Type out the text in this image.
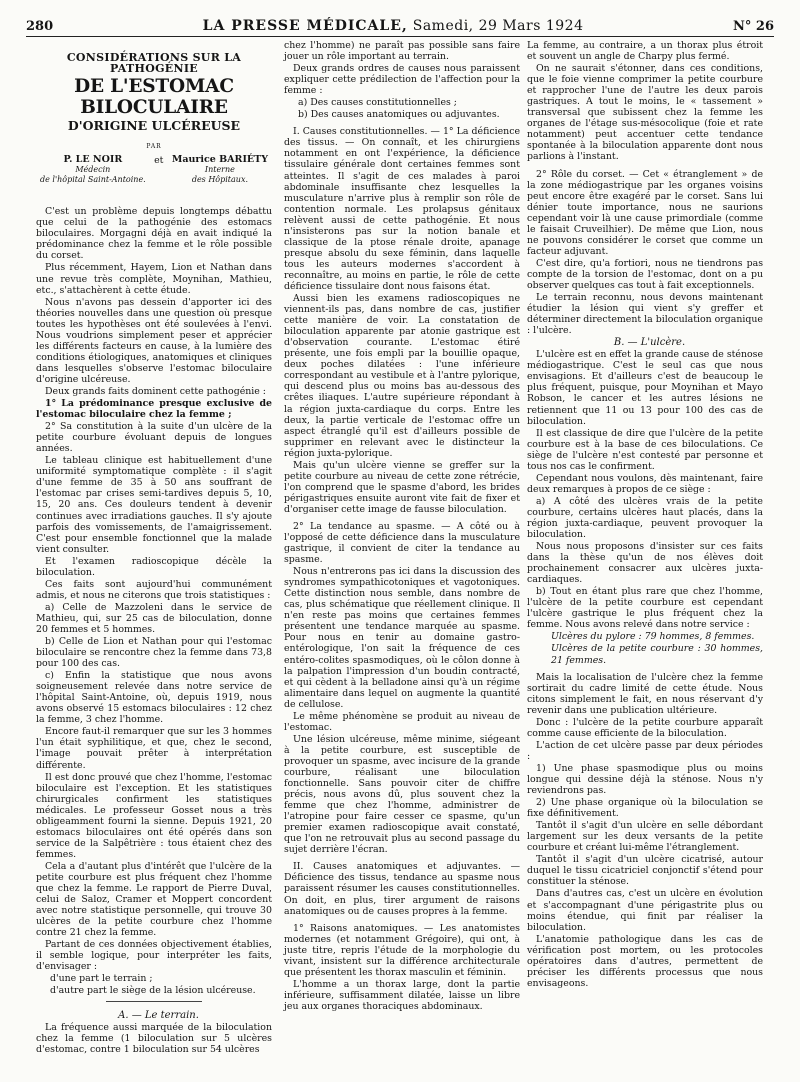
280	LA PRESSE MÉDICALE, Samedi, 29 Mars 1924	N° 26
CONSIDÉRATIONS SUR LA PATHOGÉNIE
DE L'ESTOMAC BILOCULAIRE
D'ORIGINE ULCÉREUSE
PAR
P. LE NOIR
Médecin
de l'hôpital Saint-Antoine.
et Maurice BARIÉTY
Interne
des Hôpitaux.

C'est un problème depuis longtemps débattu que celui de la pathogénie des estomacs biloculaires. Morgagni déjà en avait indiqué la prédominance chez la femme et le rôle possible du corset.

Plus récemment, Hayem, Lion et Nathan dans une revue très complète, Moynihan, Mathieu, etc., s'attachèrent à cette étude.

Nous n'avons pas dessein d'apporter ici des théories nouvelles dans une question où presque toutes les hypothèses ont été soulevées à l'envi. Nous voudrions simplement peser et apprécier les différents facteurs en cause, à la lumière des conditions étiologiques, anatomiques et cliniques dans lesquelles s'observe l'estomac biloculaire d'origine ulcéreuse.

Deux grands faits dominent cette pathogénie :

1° La prédominance presque exclusive de l'estomac biloculaire chez la femme ;

2° Sa constitution à la suite d'un ulcère de la petite courbure évoluant depuis de longues années.

Le tableau clinique est habituellement d'une uniformité symptomatique complète : il s'agit d'une femme de 35 à 50 ans souffrant de l'estomac par crises semi-tardives depuis 5, 10, 15, 20 ans. Ces douleurs tendent à devenir continues avec irradiations gauches. Il s'y ajoute parfois des vomissements, de l'amaigrissement. C'est pour ensemble fonctionnel que la malade vient consulter.

Et l'examen radioscopique décèle la biloculation.

Ces faits sont aujourd'hui communément admis, et nous ne citerons que trois statistiques :

a) Celle de Mazzoleni dans le service de Mathieu, qui, sur 25 cas de biloculation, donne 20 femmes et 5 hommes.

b) Celle de Lion et Nathan pour qui l'estomac biloculaire se rencontre chez la femme dans 73,8 pour 100 des cas.

c) Enfin la statistique que nous avons soigneusement relevée dans notre service de l'hôpital Saint-Antoine, où, depuis 1919, nous avons observé 15 estomacs biloculaires : 12 chez la femme, 3 chez l'homme.

Encore faut-il remarquer que sur les 3 hommes l'un était syphilitique, et que, chez le second, l'image pouvait prêter à interprétation différente.

Il est donc prouvé que chez l'homme, l'estomac biloculaire est l'exception. Et les statistiques chirurgicales confirment les statistiques médicales. Le professeur Gosset nous a très obligeamment fourni la sienne. Depuis 1921, 20 estomacs biloculaires ont été opérés dans son service de la Salpêtrière : tous étaient chez des femmes.

Cela a d'autant plus d'intérêt que l'ulcère de la petite courbure est plus fréquent chez l'homme que chez la femme. Le rapport de Pierre Duval, celui de Saloz, Cramer et Moppert concordent avec notre statistique personnelle, qui trouve 30 ulcères de la petite courbure chez l'homme contre 21 chez la femme.

Partant de ces données objectivement établies, il semble logique, pour interpréter les faits, d'envisager :

d'une part le terrain ;

d'autre part le siège de la lésion ulcéreuse.

A. — Le terrain.

La fréquence aussi marquée de la biloculation chez la femme (1 biloculation sur 5 ulcères d'estomac, contre 1 biloculation sur 54 ulcères

chez l'homme) ne paraît pas possible sans faire jouer un rôle important au terrain.

Deux grands ordres de causes nous paraissent expliquer cette prédilection de l'affection pour la femme :

a) Des causes constitutionnelles ;

b) Des causes anatomiques ou adjuvantes.

I. Causes constitutionnelles. — 1° La déficience des tissus. — On connaît, et les chirurgiens notamment en ont l'expérience, la déficience tissulaire générale dont certaines femmes sont atteintes. Il s'agit de ces malades à paroi abdominale insuffisante chez lesquelles la musculature n'arrive plus à remplir son rôle de contention normale. Les prolapsus génitaux relèvent aussi de cette pathogénie. Et nous n'insisterons pas sur la notion banale et classique de la ptose rénale droite, apanage presque absolu du sexe féminin, dans laquelle tous les auteurs modernes s'accordent à reconnaître, au moins en partie, le rôle de cette déficience tissulaire dont nous faisons état.

Aussi bien les examens radioscopiques ne viennent-ils pas, dans nombre de cas, justifier cette manière de voir. La constatation de biloculation apparente par atonie gastrique est d'observation courante. L'estomac étiré présente, une fois empli par la bouillie opaque, deux poches dilatées : l'une inférieure correspondant au vestibule et à l'antre pylorique, qui descend plus ou moins bas au-dessous des crêtes iliaques. L'autre supérieure répondant à la région juxta-cardiaque du corps. Entre les deux, la partie verticale de l'estomac offre un aspect étranglé qu'il est d'ailleurs possible de supprimer en relevant avec le distincteur la région juxta-pylorique.

Mais qu'un ulcère vienne se greffer sur la petite courbure au niveau de cette zone rétrécie, l'on comprend que le spasme d'abord, les brides périgastriques ensuite auront vite fait de fixer et d'organiser cette image de fausse biloculation.

2° La tendance au spasme. — A côté ou à l'opposé de cette déficience dans la musculature gastrique, il convient de citer la tendance au spasme.

Nous n'entrerons pas ici dans la discussion des syndromes sympathicotoniques et vagotoniques. Cette distinction nous semble, dans nombre de cas, plus schématique que réellement clinique. Il n'en reste pas moins que certaines femmes présentent une tendance marquée au spasme. Pour nous en tenir au domaine gastro-entérologique, l'on sait la fréquence de ces entéro-colites spasmodiques, où le côlon donne à la palpation l'impression d'un boudin contracté, et qui cèdent à la belladone ainsi qu'à un régime alimentaire dans lequel on augmente la quantité de cellulose.

Le même phénomène se produit au niveau de l'estomac.

Une lésion ulcéreuse, même minime, siégeant à la petite courbure, est susceptible de provoquer un spasme, avec incisure de la grande courbure, réalisant une biloculation fonctionnelle. Sans pouvoir citer de chiffre précis, nous avons dû, plus souvent chez la femme que chez l'homme, administrer de l'atropine pour faire cesser ce spasme, qu'un premier examen radioscopique avait constaté, que l'on ne retrouvait plus au second passage du sujet derrière l'écran.

II. Causes anatomiques et adjuvantes. — Déficience des tissus, tendance au spasme nous paraissent résumer les causes constitutionnelles. On doit, en plus, tirer argument de raisons anatomiques ou de causes propres à la femme.

1° Raisons anatomiques. — Les anatomistes modernes (et notamment Grégoire), qui ont, à juste titre, repris l'étude de la morphologie du vivant, insistent sur la différence architecturale que présentent les thorax masculin et féminin.

L'homme a un thorax large, dont la partie inférieure, suffisamment dilatée, laisse un libre jeu aux organes thoraciques abdominaux.

La femme, au contraire, a un thorax plus étroit et souvent un angle de Charpy plus fermé.

On ne saurait s'étonner, dans ces conditions, que le foie vienne comprimer la petite courbure et rapprocher l'une de l'autre les deux parois gastriques. A tout le moins, le « tassement » transversal que subissent chez la femme les organes de l'étage sus-mésocolique (foie et rate notamment) peut accentuer cette tendance spontanée à la biloculation apparente dont nous parlions à l'instant.

2° Rôle du corset. — Cet « étranglement » de la zone médiogastrique par les organes voisins peut encore être exagéré par le corset. Sans lui dénier toute importance, nous ne saurions cependant voir là une cause primordiale (comme le faisait Cruveilhier). De même que Lion, nous ne pouvons considérer le corset que comme un facteur adjuvant.

C'est dire, qu'a fortiori, nous ne tiendrons pas compte de la torsion de l'estomac, dont on a pu observer quelques cas tout à fait exceptionnels.

Le terrain reconnu, nous devons maintenant étudier la lésion qui vient s'y greffer et déterminer directement la biloculation organique : l'ulcère.

B. — L'ulcère.

L'ulcère est en effet la grande cause de sténose médiogastrique. C'est le seul cas que nous envisagions. Et d'ailleurs c'est de beaucoup le plus fréquent, puisque, pour Moynihan et Mayo Robson, le cancer et les autres lésions ne retiennent que 11 ou 13 pour 100 des cas de biloculation.

Il est classique de dire que l'ulcère de la petite courbure est à la base de ces biloculations. Ce siège de l'ulcère n'est contesté par personne et tous nos cas le confirment.

Cependant nous voulons, dès maintenant, faire deux remarques à propos de ce siège :

a) A côté des ulcères vrais de la petite courbure, certains ulcères haut placés, dans la région juxta-cardiaque, peuvent provoquer la biloculation.

Nous nous proposons d'insister sur ces faits dans la thèse qu'un de nos élèves doit prochainement consacrer aux ulcères juxta-cardiaques.

b) Tout en étant plus rare que chez l'homme, l'ulcère de la petite courbure est cependant l'ulcère gastrique le plus fréquent chez la femme. Nous avons relevé dans notre service :

Ulcères du pylore : 79 hommes, 8 femmes.

Ulcères de la petite courbure : 30 hommes, 21 femmes.

Mais la localisation de l'ulcère chez la femme sortirait du cadre limité de cette étude. Nous citons simplement le fait, en nous réservant d'y revenir dans une publication ultérieure.

Donc : l'ulcère de la petite courbure apparaît comme cause efficiente de la biloculation.

L'action de cet ulcère passe par deux périodes :

1) Une phase spasmodique plus ou moins longue qui dessine déjà la sténose. Nous n'y reviendrons pas.

2) Une phase organique où la biloculation se fixe définitivement.

Tantôt il s'agit d'un ulcère en selle débordant largement sur les deux versants de la petite courbure et créant lui-même l'étranglement.

Tantôt il s'agit d'un ulcère cicatrisé, autour duquel le tissu cicatriciel conjonctif s'étend pour constituer la sténose.

Dans d'autres cas, c'est un ulcère en évolution et s'accompagnant d'une périgastrite plus ou moins étendue, qui finit par réaliser la biloculation.

L'anatomie pathologique dans les cas de vérification post mortem, ou les protocoles opératoires dans d'autres, permettent de préciser les différents processus que nous envisageons.
